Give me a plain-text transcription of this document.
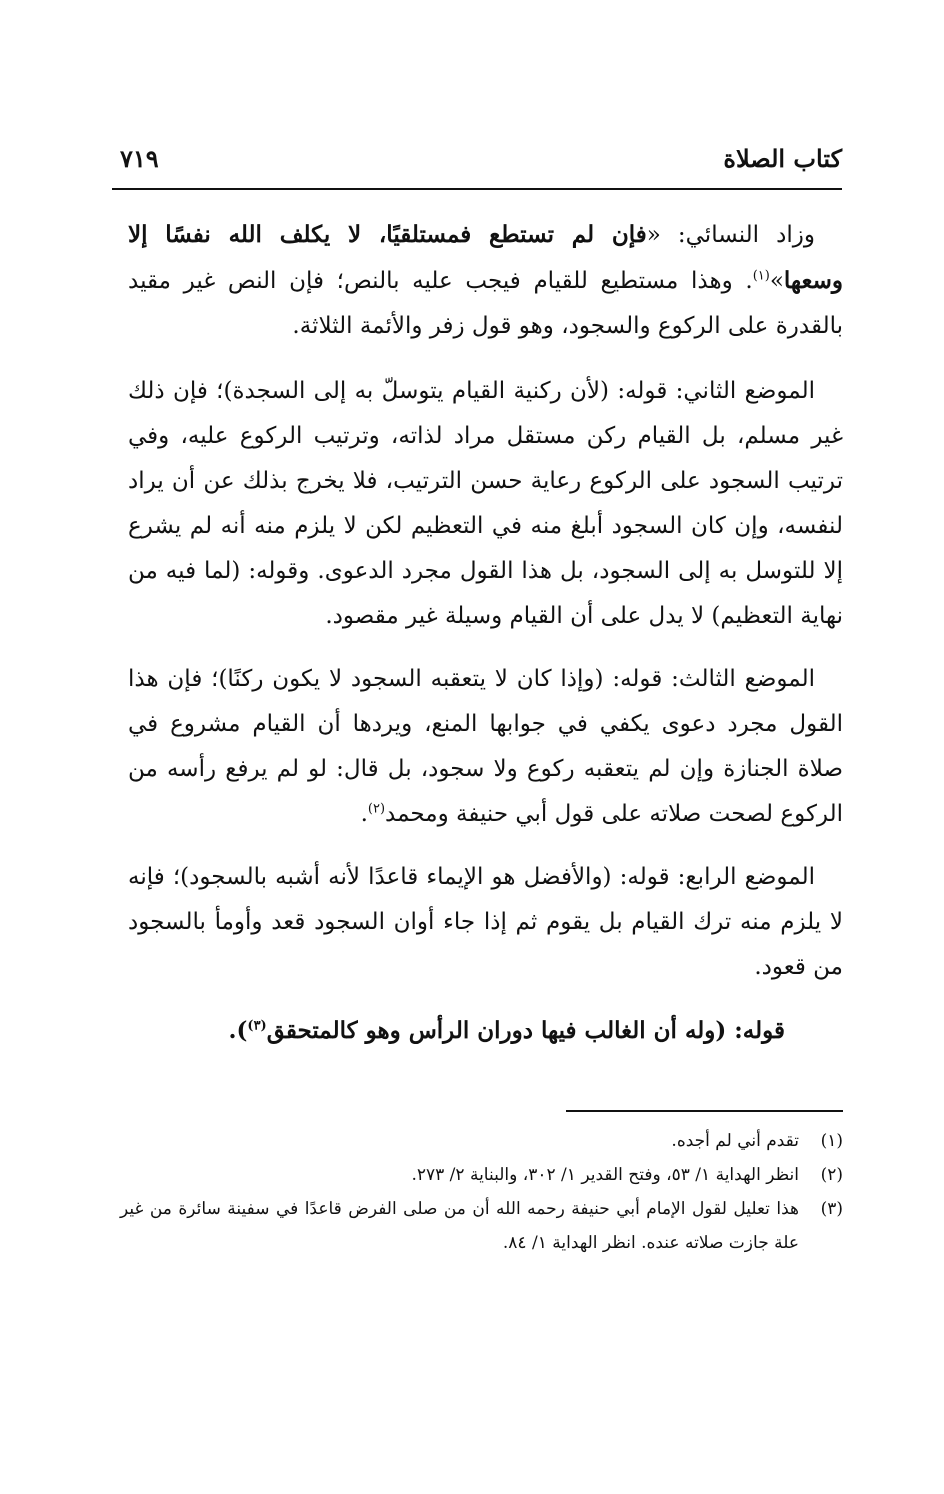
كتاب الصلاة
٧١٩

وزاد النسائي: «فإن لم تستطع فمستلقيًا، لا يكلف الله نفسًا إلا وسعها»$^{(١)}$. وهذا مستطيع للقيام فيجب عليه بالنص؛ فإن النص غير مقيد بالقدرة على الركوع والسجود، وهو قول زفر والأئمة الثلاثة.

الموضع الثاني: قوله: (لأن ركنية القيام يتوسلّ به إلى السجدة)؛ فإن ذلك غير مسلم، بل القيام ركن مستقل مراد لذاته، وترتيب الركوع عليه، وفي ترتيب السجود على الركوع رعاية حسن الترتيب، فلا يخرج بذلك عن أن يراد لنفسه، وإن كان السجود أبلغ منه في التعظيم لكن لا يلزم منه أنه لم يشرع إلا للتوسل به إلى السجود، بل هذا القول مجرد الدعوى. وقوله: (لما فيه من نهاية التعظيم) لا يدل على أن القيام وسيلة غير مقصود.

الموضع الثالث: قوله: (وإذا كان لا يتعقبه السجود لا يكون ركنًا)؛ فإن هذا القول مجرد دعوى يكفي في جوابها المنع، ويردها أن القيام مشروع في صلاة الجنازة وإن لم يتعقبه ركوع ولا سجود، بل قال: لو لم يرفع رأسه من الركوع لصحت صلاته على قول أبي حنيفة ومحمد$^{(٢)}$.

الموضع الرابع: قوله: (والأفضل هو الإيماء قاعدًا لأنه أشبه بالسجود)؛ فإنه لا يلزم منه ترك القيام بل يقوم ثم إذا جاء أوان السجود قعد وأومأ بالسجود من قعود.

قوله: (وله أن الغالب فيها دوران الرأس وهو كالمتحقق$^{(٣)}$).

(١)
تقدم أني لم أجده.
(٢)
انظر الهداية ١/ ٥٣، وفتح القدير ١/ ٣٠٢، والبناية ٢/ ٢٧٣.
(٣)
هذا تعليل لقول الإمام أبي حنيفة رحمه الله أن من صلى الفرض قاعدًا في سفينة سائرة من غير علة جازت صلاته عنده. انظر الهداية ١/ ٨٤.
